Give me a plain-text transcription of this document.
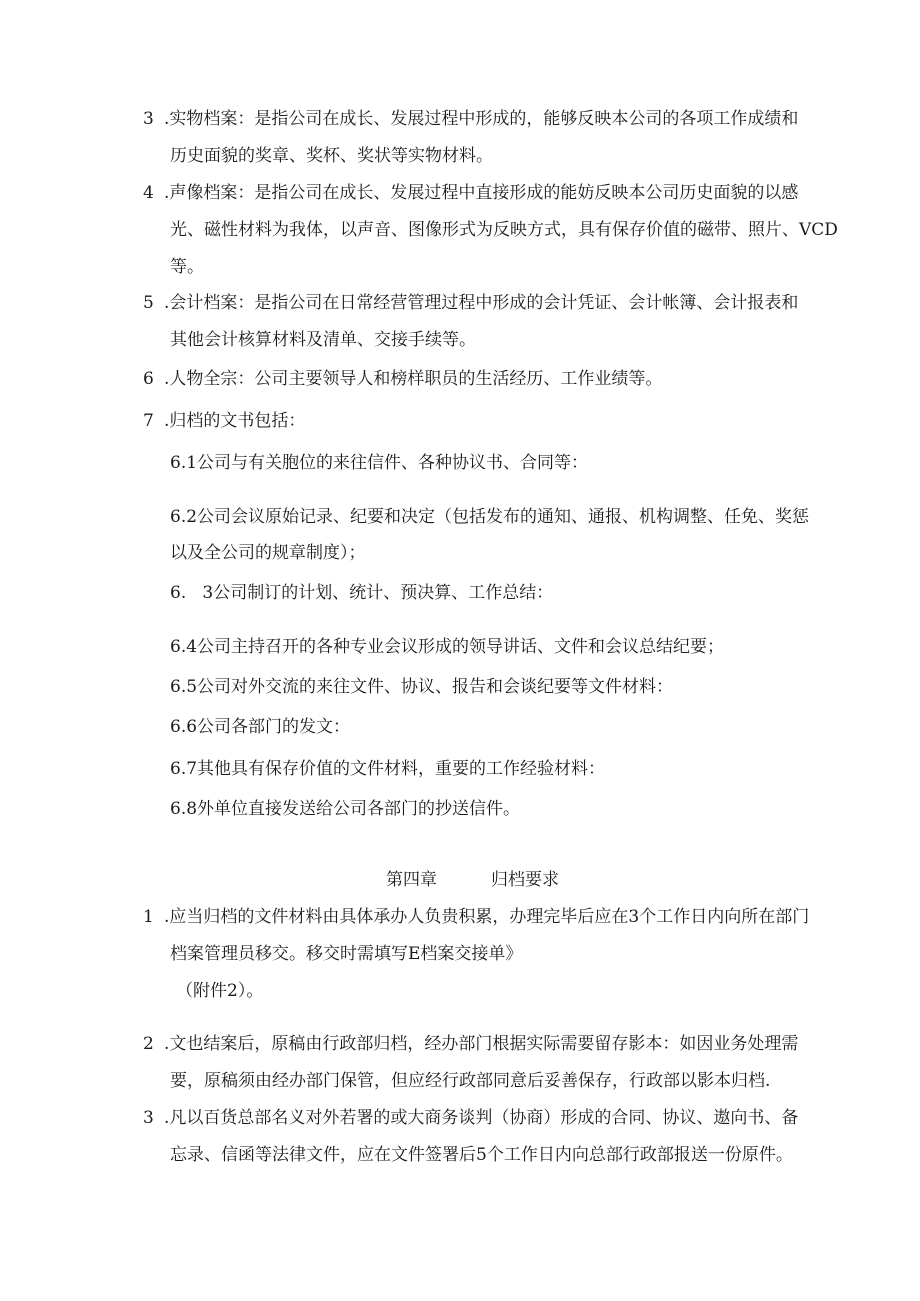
3 .实物档案：是指公司在成长、发展过程中形成的，能够反映本公司的各项工作成绩和
历史面貌的奖章、奖杯、奖状等实物材料。
4 .声像档案：是指公司在成长、发展过程中直接形成的能妨反映本公司历史面貌的以感
光、磁性材料为我体，以声音、图像形式为反映方式，具有保存价值的磁带、照片、VCD
等。
5 .会计档案：是指公司在日常经营管理过程中形成的会计凭证、会计帐簿、会计报表和
其他会计核算材料及清单、交接手续等。
6 .人物全宗：公司主要领导人和榜样职员的生活经历、工作业绩等。
7 .归档的文书包括：
6.1公司与有关胞位的来往信件、各种协议书、合同等：
6.2公司会议原始记录、纪要和决定（包括发布的通知、通报、机构调整、任免、奖惩
以及全公司的规章制度）；
6.   3公司制订的计划、统计、预决算、工作总结：
6.4公司主持召开的各种专业会议形成的领导讲话、文件和会议总结纪要；
6.5公司对外交流的来往文件、协议、报告和会谈纪要等文件材料：
6.6公司各部门的发文：
6.7其他具有保存价值的文件材料，重要的工作经验材料：
6.8外单位直接发送给公司各部门的抄送信件。
第四章	归档要求
1 .应当归档的文件材料由具体承办人负贵积累，办理完毕后应在3个工作日内向所在部门
档案管理员移交。移交时需填写E档案交接单》
（附件2）。
2 .文也结案后，原稿由行政部归档，经办部门根据实际需要留存影本：如因业务处理需
要，原稿须由经办部门保管，但应经行政部同意后妥善保存，行政部以影本归档.
3 .凡以百货总部名义对外若署的或大商务谈判（协商）形成的合同、协议、遨向书、备
忘录、信函等法律文件，应在文件签署后5个工作日内向总部行政部报送一份原件。
